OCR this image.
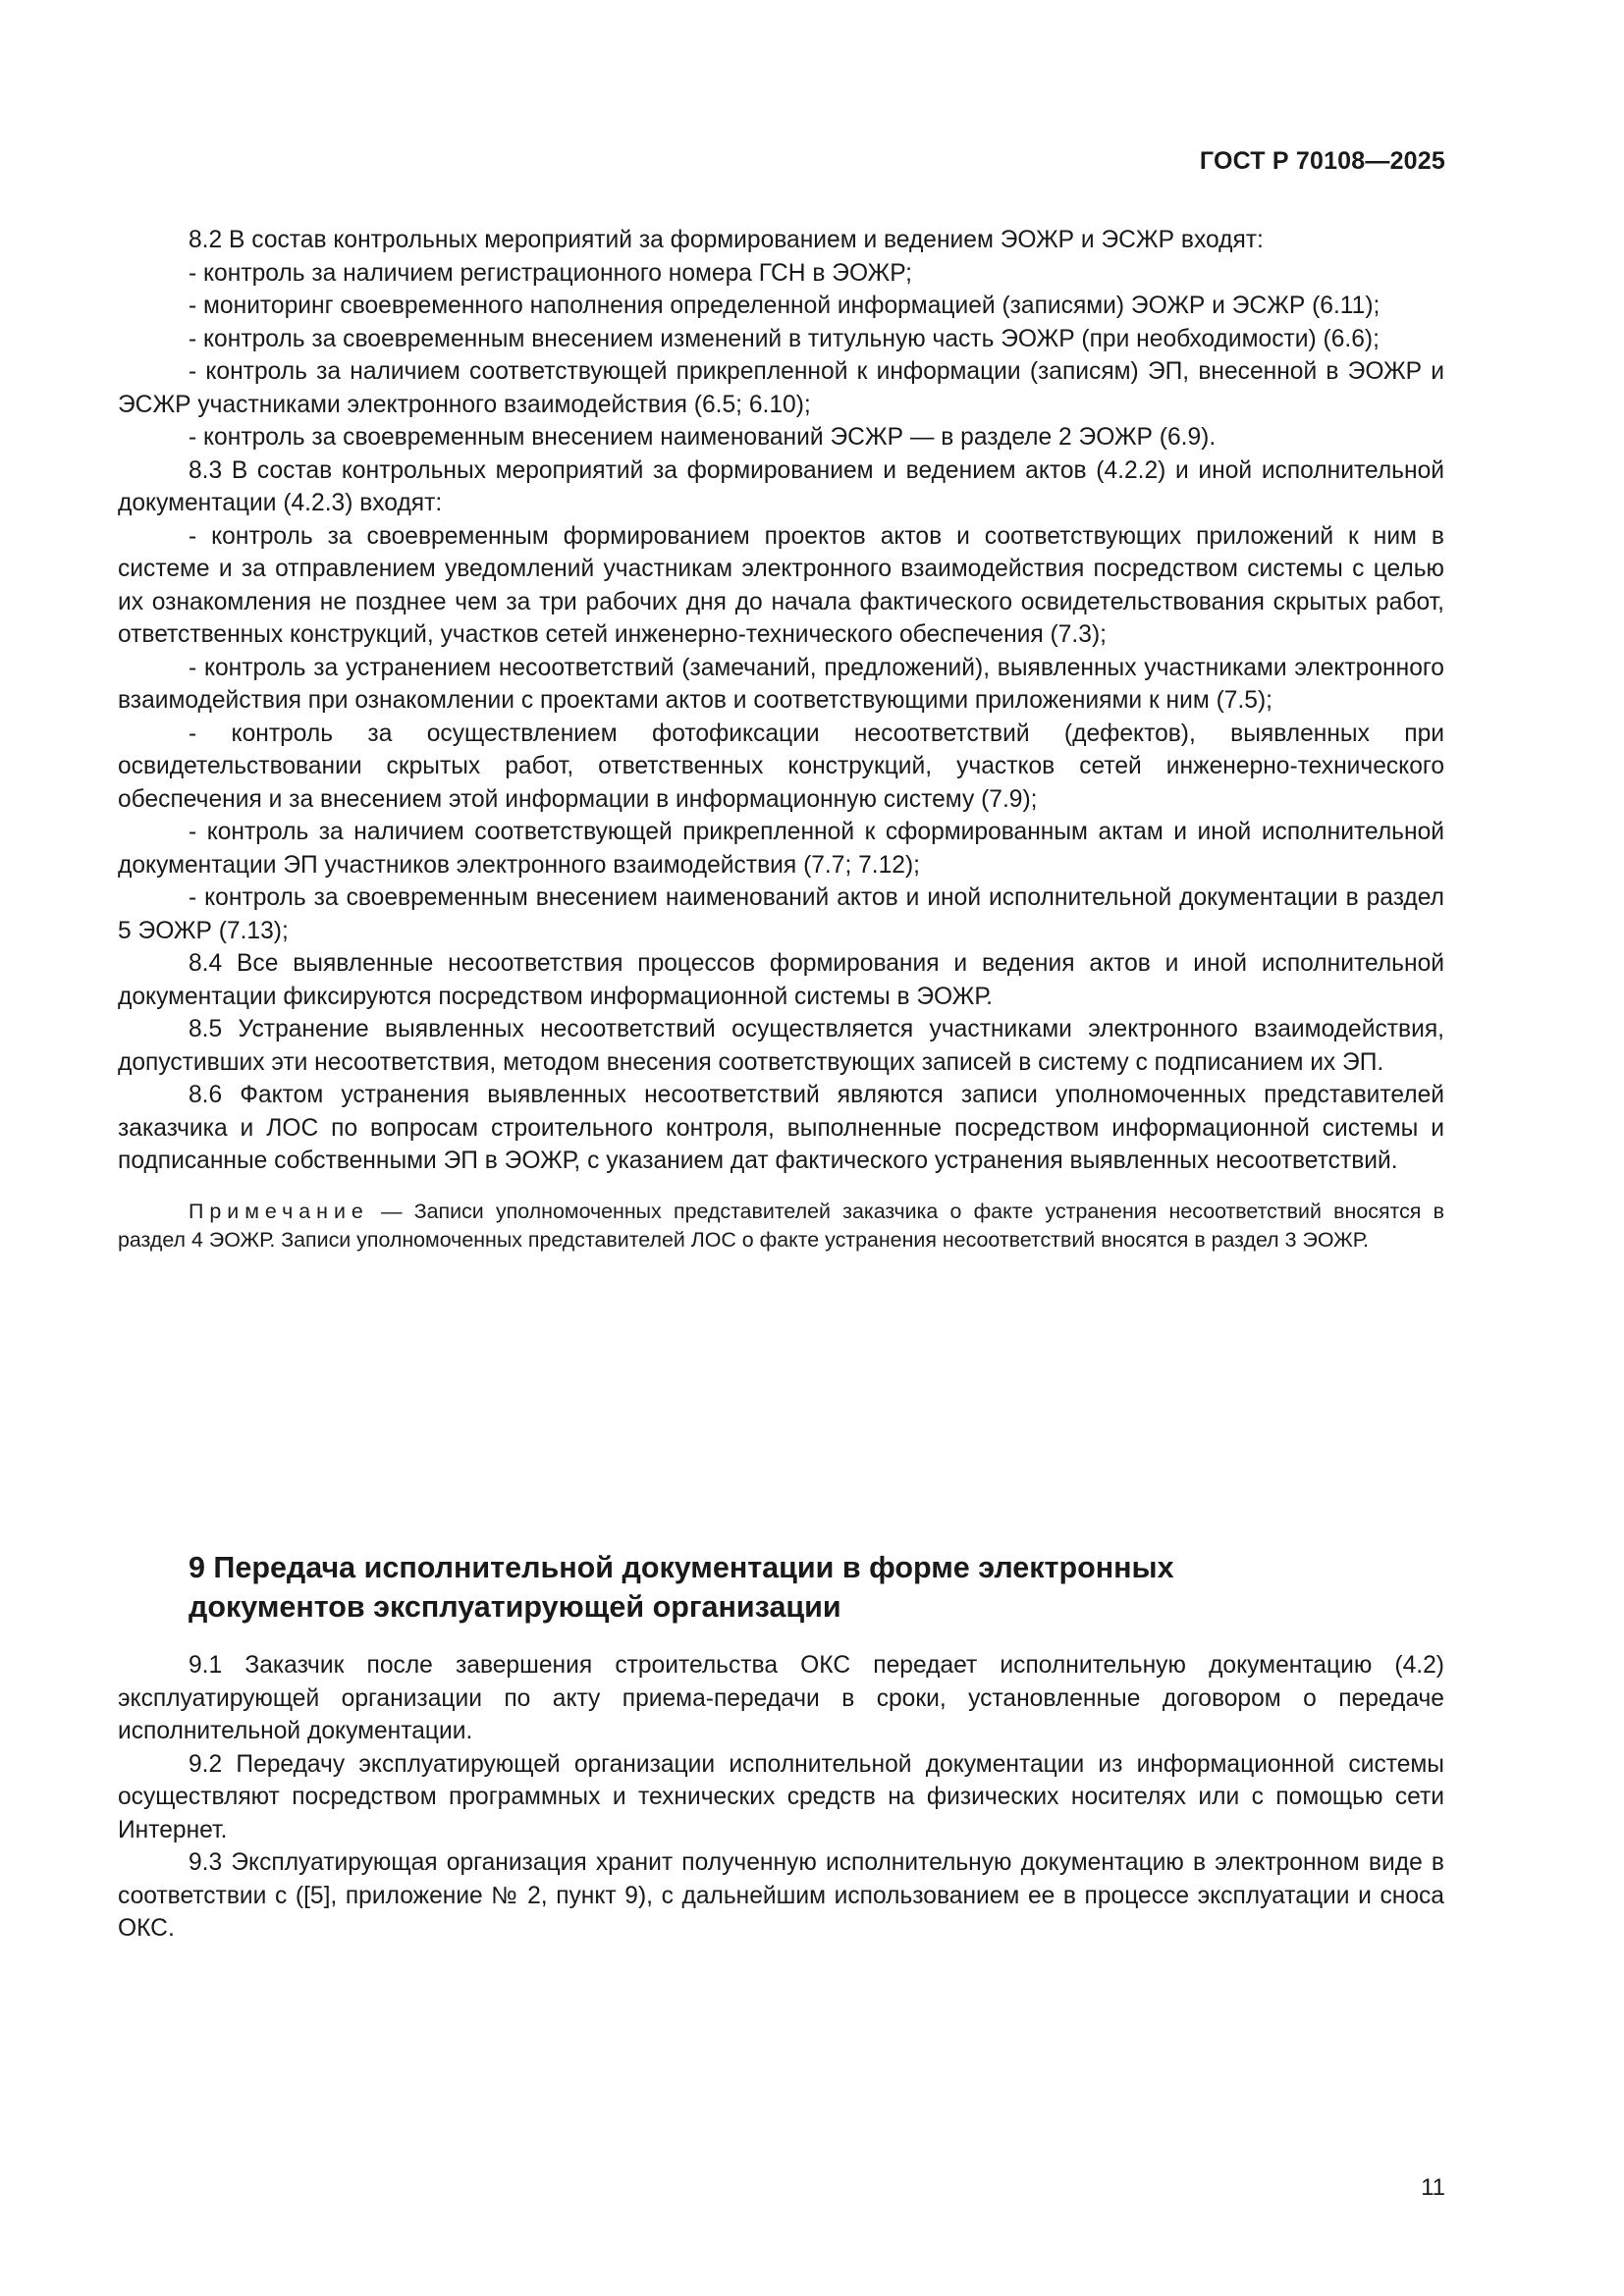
ГОСТ Р 70108—2025

8.2 В состав контрольных мероприятий за формированием и ведением ЭОЖР и ЭСЖР входят:

- контроль за наличием регистрационного номера ГСН в ЭОЖР;

- мониторинг своевременного наполнения определенной информацией (записями) ЭОЖР и ЭСЖР (6.11);

- контроль за своевременным внесением изменений в титульную часть ЭОЖР (при необходимости) (6.6);

- контроль за наличием соответствующей прикрепленной к информации (записям) ЭП, внесенной в ЭОЖР и ЭСЖР участниками электронного взаимодействия (6.5; 6.10);

- контроль за своевременным внесением наименований ЭСЖР — в разделе 2 ЭОЖР (6.9).

8.3 В состав контрольных мероприятий за формированием и ведением актов (4.2.2) и иной исполнительной документации (4.2.3) входят:

- контроль за своевременным формированием проектов актов и соответствующих приложений к ним в системе и за отправлением уведомлений участникам электронного взаимодействия посредством системы с целью их ознакомления не позднее чем за три рабочих дня до начала фактического освидетельствования скрытых работ, ответственных конструкций, участков сетей инженерно-технического обеспечения (7.3);

- контроль за устранением несоответствий (замечаний, предложений), выявленных участниками электронного взаимодействия при ознакомлении с проектами актов и соответствующими приложениями к ним (7.5);

- контроль за осуществлением фотофиксации несоответствий (дефектов), выявленных при освидетельствовании скрытых работ, ответственных конструкций, участков сетей инженерно-технического обеспечения и за внесением этой информации в информационную систему (7.9);

- контроль за наличием соответствующей прикрепленной к сформированным актам и иной исполнительной документации ЭП участников электронного взаимодействия (7.7; 7.12);

- контроль за своевременным внесением наименований актов и иной исполнительной документации в раздел 5 ЭОЖР (7.13);

8.4 Все выявленные несоответствия процессов формирования и ведения актов и иной исполнительной документации фиксируются посредством информационной системы в ЭОЖР.

8.5 Устранение выявленных несоответствий осуществляется участниками электронного взаимодействия, допустивших эти несоответствия, методом внесения соответствующих записей в систему с подписанием их ЭП.

8.6 Фактом устранения выявленных несоответствий являются записи уполномоченных представителей заказчика и ЛОС по вопросам строительного контроля, выполненные посредством информационной системы и подписанные собственными ЭП в ЭОЖР, с указанием дат фактического устранения выявленных несоответствий.

Примечание — Записи уполномоченных представителей заказчика о факте устранения несоответствий вносятся в раздел 4 ЭОЖР. Записи уполномоченных представителей ЛОС о факте устранения несоответствий вносятся в раздел 3 ЭОЖР.

9 Передача исполнительной документации в форме электронных
документов эксплуатирующей организации

9.1 Заказчик после завершения строительства ОКС передает исполнительную документацию (4.2) эксплуатирующей организации по акту приема-передачи в сроки, установленные договором о передаче исполнительной документации.

9.2 Передачу эксплуатирующей организации исполнительной документации из информационной системы осуществляют посредством программных и технических средств на физических носителях или с помощью сети Интернет.

9.3 Эксплуатирующая организация хранит полученную исполнительную документацию в электронном виде в соответствии с ([5], приложение № 2, пункт 9), с дальнейшим использованием ее в процессе эксплуатации и сноса ОКС.

11
